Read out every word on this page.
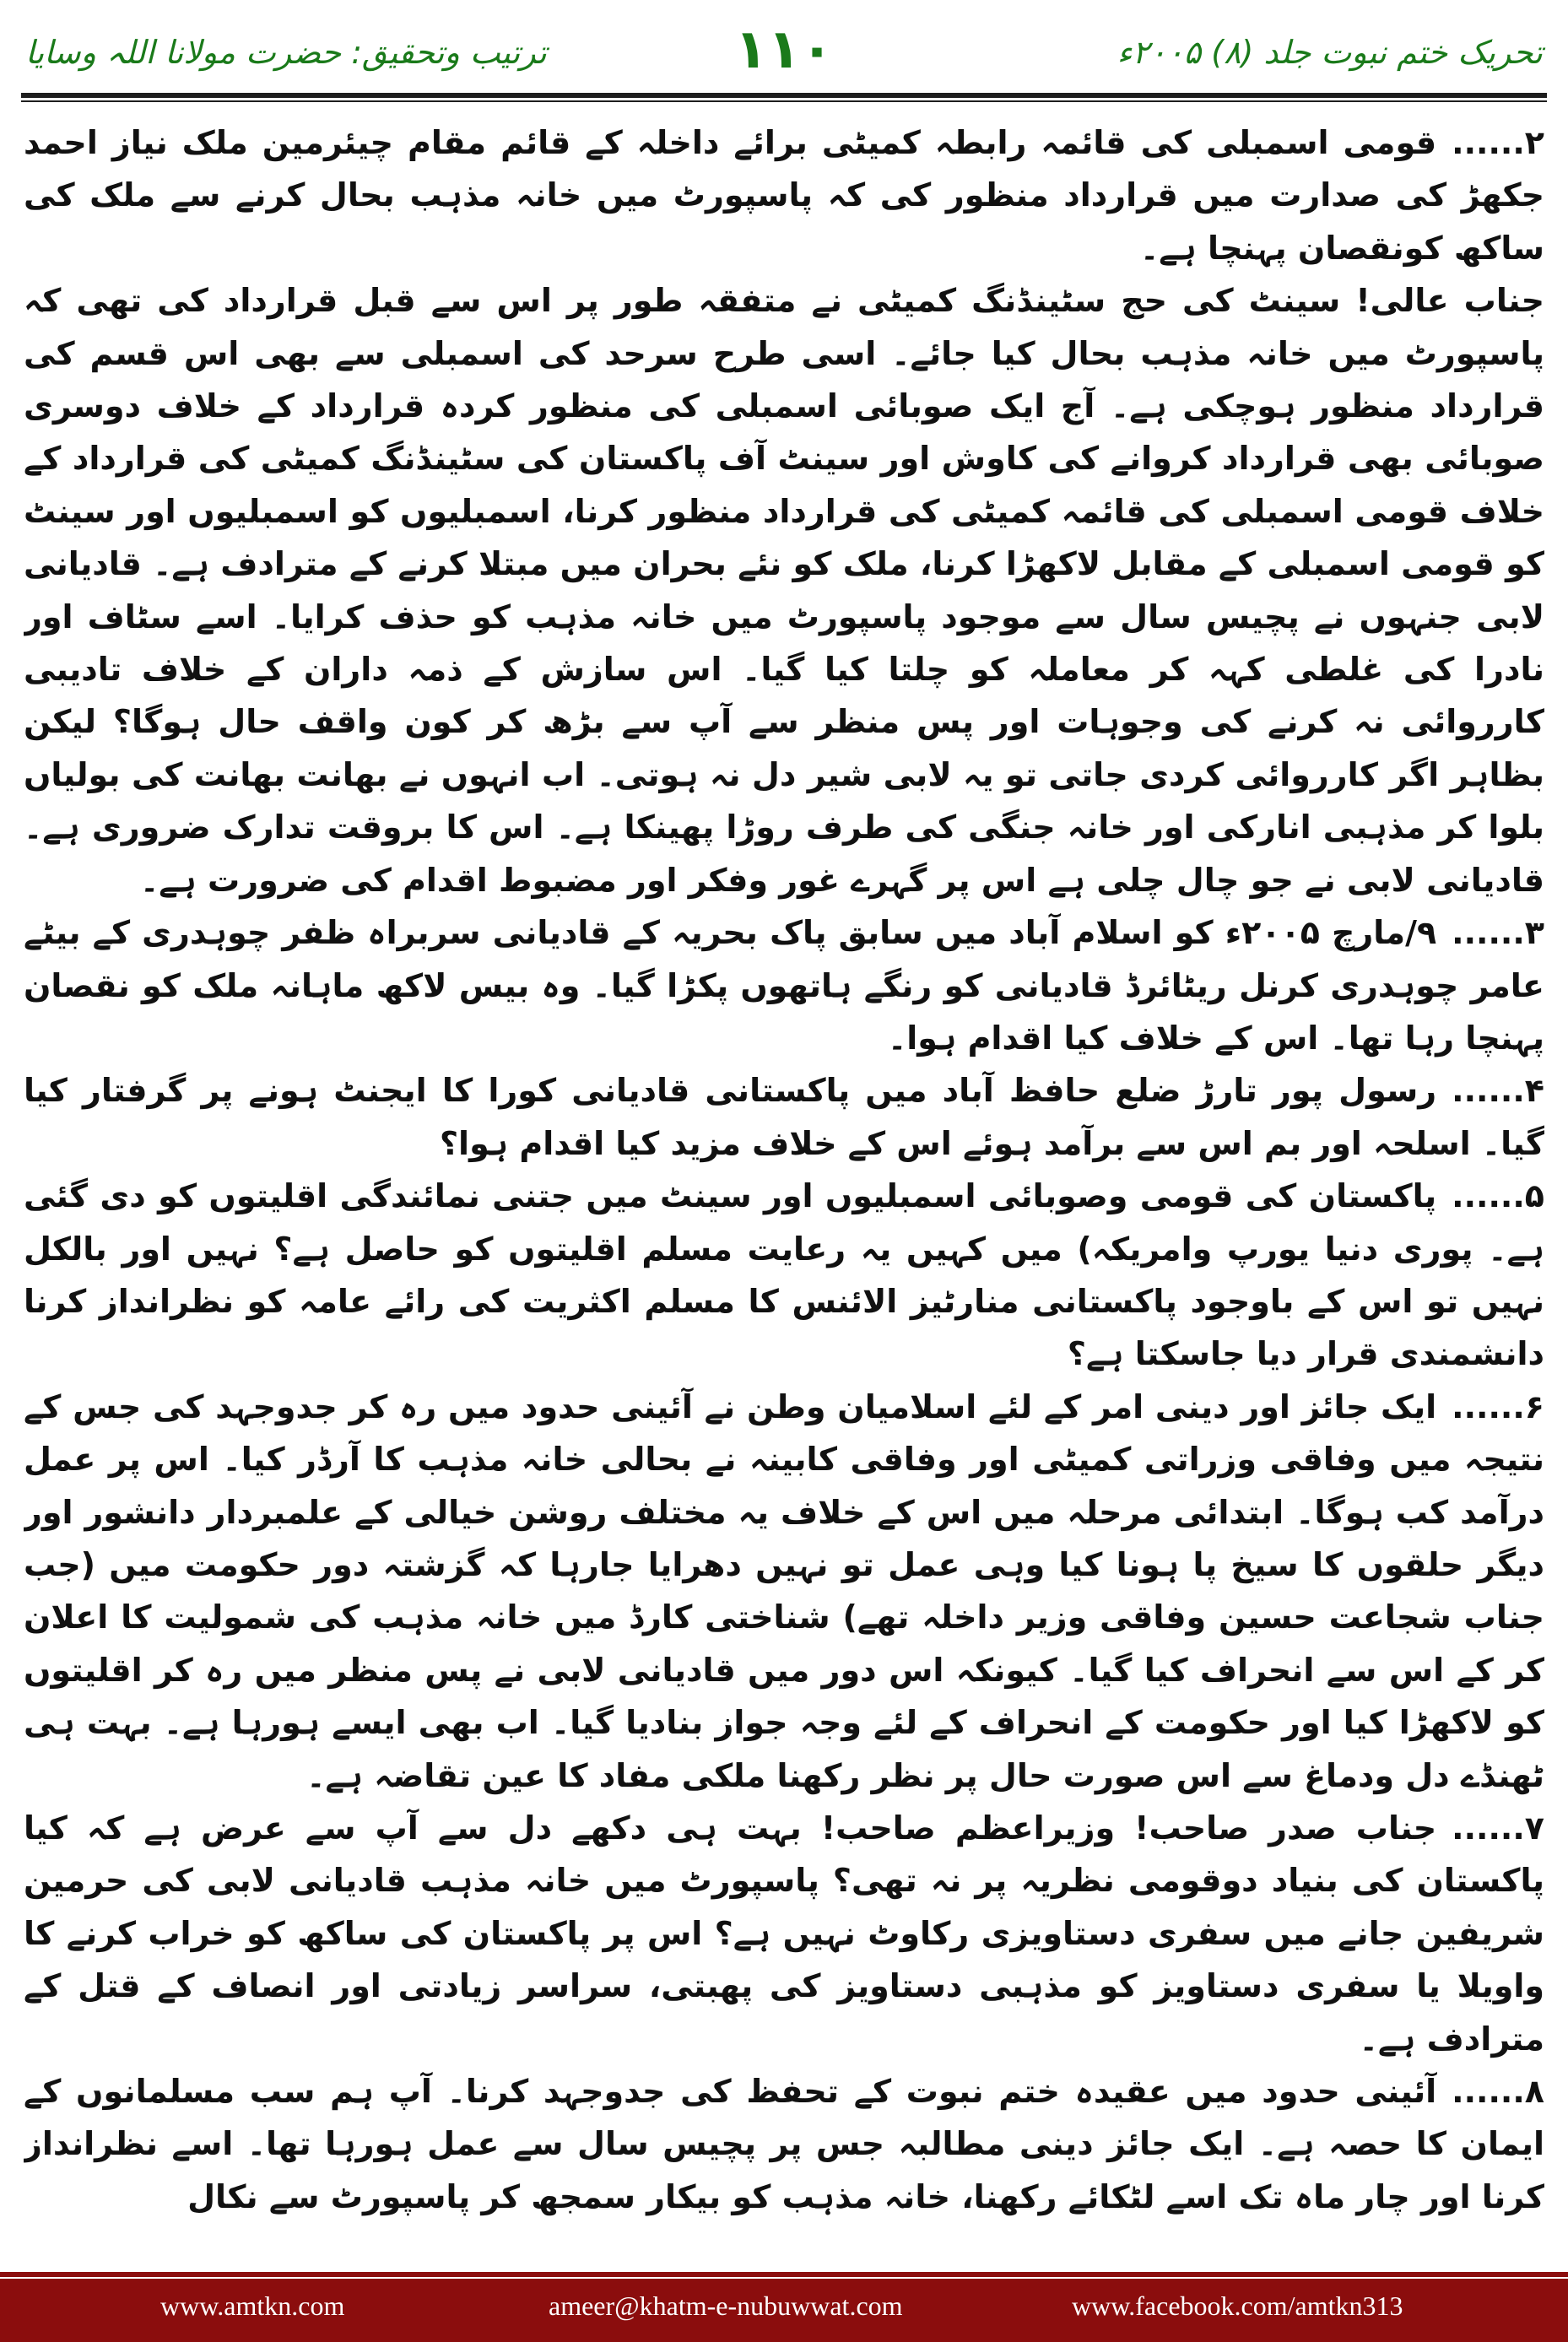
ترتیب وتحقیق: حضرت مولانا اللہ وسایا	۱۱۰	تحریک ختم نبوت جلد (۸) ۲۰۰۵ء

۲......قومی اسمبلی کی قائمہ رابطہ کمیٹی برائے داخلہ کے قائم مقام چیئرمین ملک نیاز احمد جکھڑ کی صدارت میں قرارداد منظور کی کہ پاسپورٹ میں خانہ مذہب بحال کرنے سے ملک کی ساکھ کونقصان پہنچا ہے۔

جناب عالی! سینٹ کی حج سٹینڈنگ کمیٹی نے متفقہ طور پر اس سے قبل قرارداد کی تھی کہ پاسپورٹ میں خانہ مذہب بحال کیا جائے۔ اسی طرح سرحد کی اسمبلی سے بھی اس قسم کی قرارداد منظور ہوچکی ہے۔ آج ایک صوبائی اسمبلی کی منظور کردہ قرارداد کے خلاف دوسری صوبائی بھی قرارداد کروانے کی کاوش اور سینٹ آف پاکستان کی سٹینڈنگ کمیٹی کی قرارداد کے خلاف قومی اسمبلی کی قائمہ کمیٹی کی قرارداد منظور کرنا، اسمبلیوں کو اسمبلیوں اور سینٹ کو قومی اسمبلی کے مقابل لاکھڑا کرنا، ملک کو نئے بحران میں مبتلا کرنے کے مترادف ہے۔ قادیانی لابی جنہوں نے پچیس سال سے موجود پاسپورٹ میں خانہ مذہب کو حذف کرایا۔ اسے سٹاف اور نادرا کی غلطی کہہ کر معاملہ کو چلتا کیا گیا۔ اس سازش کے ذمہ داران کے خلاف تادیبی کارروائی نہ کرنے کی وجوہات اور پس منظر سے آپ سے بڑھ کر کون واقف حال ہوگا؟ لیکن بظاہر اگر کارروائی کردی جاتی تو یہ لابی شیر دل نہ ہوتی۔ اب انہوں نے بھانت بھانت کی بولیاں بلوا کر مذہبی انارکی اور خانہ جنگی کی طرف روڑا پھینکا ہے۔ اس کا بروقت تدارک ضروری ہے۔ قادیانی لابی نے جو چال چلی ہے اس پر گہرے غور وفکر اور مضبوط اقدام کی ضرورت ہے۔

۳......۹/مارچ ۲۰۰۵ء کو اسلام آباد میں سابق پاک بحریہ کے قادیانی سربراہ ظفر چوہدری کے بیٹے عامر چوہدری کرنل ریٹائرڈ قادیانی کو رنگے ہاتھوں پکڑا گیا۔ وہ بیس لاکھ ماہانہ ملک کو نقصان پہنچا رہا تھا۔ اس کے خلاف کیا اقدام ہوا۔

۴......رسول پور تارڑ ضلع حافظ آباد میں پاکستانی قادیانی کورا کا ایجنٹ ہونے پر گرفتار کیا گیا۔ اسلحہ اور بم اس سے برآمد ہوئے اس کے خلاف مزید کیا اقدام ہوا؟

۵......پاکستان کی قومی وصوبائی اسمبلیوں اور سینٹ میں جتنی نمائندگی اقلیتوں کو دی گئی ہے۔ پوری دنیا یورپ وامریکہ) میں کہیں یہ رعایت مسلم اقلیتوں کو حاصل ہے؟ نہیں اور بالکل نہیں تو اس کے باوجود پاکستانی منارٹیز الائنس کا مسلم اکثریت کی رائے عامہ کو نظرانداز کرنا دانشمندی قرار دیا جاسکتا ہے؟

۶......ایک جائز اور دینی امر کے لئے اسلامیان وطن نے آئینی حدود میں رہ کر جدوجہد کی جس کے نتیجہ میں وفاقی وزراتی کمیٹی اور وفاقی کابینہ نے بحالی خانہ مذہب کا آرڈر کیا۔ اس پر عمل درآمد کب ہوگا۔ ابتدائی مرحلہ میں اس کے خلاف یہ مختلف روشن خیالی کے علمبردار دانشور اور دیگر حلقوں کا سیخ پا ہونا کیا وہی عمل تو نہیں دھرایا جارہا کہ گزشتہ دور حکومت میں (جب جناب شجاعت حسین وفاقی وزیر داخلہ تھے) شناختی کارڈ میں خانہ مذہب کی شمولیت کا اعلان کر کے اس سے انحراف کیا گیا۔ کیونکہ اس دور میں قادیانی لابی نے پس منظر میں رہ کر اقلیتوں کو لاکھڑا کیا اور حکومت کے انحراف کے لئے وجہ جواز بنادیا گیا۔ اب بھی ایسے ہورہا ہے۔ بہت ہی ٹھنڈے دل ودماغ سے اس صورت حال پر نظر رکھنا ملکی مفاد کا عین تقاضہ ہے۔

۷......جناب صدر صاحب! وزیراعظم صاحب! بہت ہی دکھے دل سے آپ سے عرض ہے کہ کیا پاکستان کی بنیاد دوقومی نظریہ پر نہ تھی؟ پاسپورٹ میں خانہ مذہب قادیانی لابی کی حرمین شریفین جانے میں سفری دستاویزی رکاوٹ نہیں ہے؟ اس پر پاکستان کی ساکھ کو خراب کرنے کا واویلا یا سفری دستاویز کو مذہبی دستاویز کی پھبتی، سراسر زیادتی اور انصاف کے قتل کے مترادف ہے۔

۸......آئینی حدود میں عقیدہ ختم نبوت کے تحفظ کی جدوجہد کرنا۔ آپ ہم سب مسلمانوں کے ایمان کا حصہ ہے۔ ایک جائز دینی مطالبہ جس پر پچیس سال سے عمل ہورہا تھا۔ اسے نظرانداز کرنا اور چار ماہ تک اسے لٹکائے رکھنا، خانہ مذہب کو بیکار سمجھ کر پاسپورٹ سے نکال

www.amtkn.com	ameer@khatm-e-nubuwwat.com	www.facebook.com/amtkn313
